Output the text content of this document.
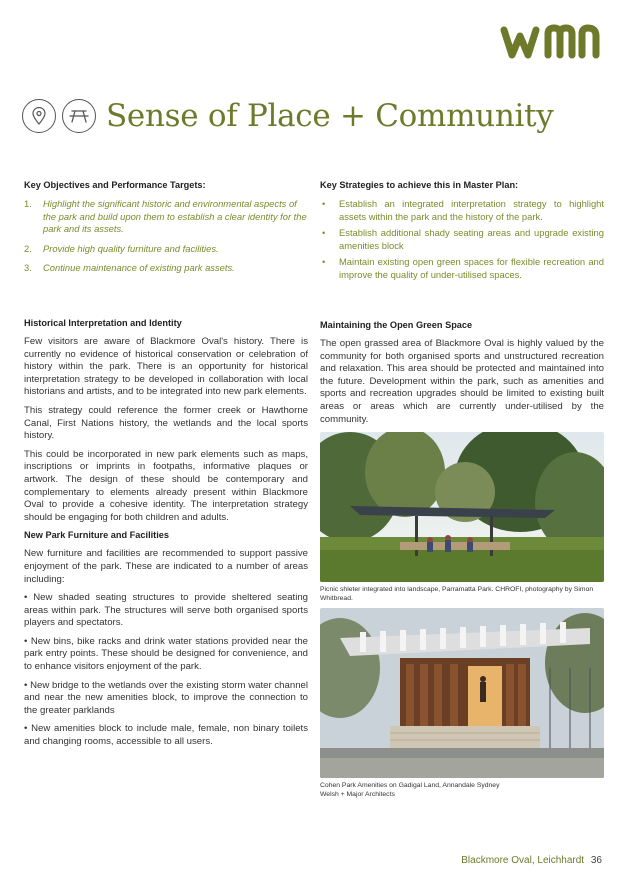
Sense of Place + Community
Key Objectives and Performance Targets:
1. Highlight the significant historic and environmental aspects of the park and build upon them to establish a clear identity for the park and its assets.
2. Provide high quality furniture and facilities.
3. Continue maintenance of existing park assets.
Key Strategies to achieve this in Master Plan:
• Establish an integrated interpretation strategy to highlight assets within the park and the history of the park.
• Establish additional shady seating areas and upgrade existing amenities block
• Maintain existing open green spaces for flexible recreation and improve the quality of under-utilised spaces.
Historical Interpretation and Identity

Few visitors are aware of Blackmore Oval's history. There is currently no evidence of historical conservation or celebration of history within the park. There is an opportunity for historical interpretation strategy to be developed in collaboration with local historians and artists, and to be integrated into new park elements.

This strategy could reference the former creek or Hawthorne Canal, First Nations history, the wetlands and the local sports history.

This could be incorporated in new park elements such as maps, inscriptions or imprints in footpaths, informative plaques or artwork. The design of these should be contemporary and complementary to elements already present within Blackmore Oval to provide a cohesive identity. The interpretation strategy should be engaging for both children and adults.

New Park Furniture and Facilities

New furniture and facilities are recommended to support passive enjoyment of the park. These are indicated to a number of areas including:

• New shaded seating structures to provide sheltered seating areas within park. The structures will serve both organised sports players and spectators.

• New bins, bike racks and drink water stations provided near the park entry points. These should be designed for convenience, and to enhance visitors enjoyment of the park.

• New bridge to the wetlands over the existing storm water channel and near the new amenities block, to improve the connection to the greater parklands

• New amenities block to include male, female, non binary toilets and changing rooms, accessible to all users.

Maintaining the Open Green Space

The open grassed area of Blackmore Oval is highly valued by the community for both organised sports and unstructured recreation and relaxation. This area should be protected and maintained into the future. Development within the park, such as amenities and sports and recreation upgrades should be limited to existing built areas or areas which are currently under-utilised by the community.

Picnic shleter integrated into landscape, Parramatta Park. CHROFI, photography by Simon Whitbread.
Cohen Park Amenities on Gadigal Land, Annandale Sydney
Welsh + Major Architects
Blackmore Oval, Leichhardt 36
